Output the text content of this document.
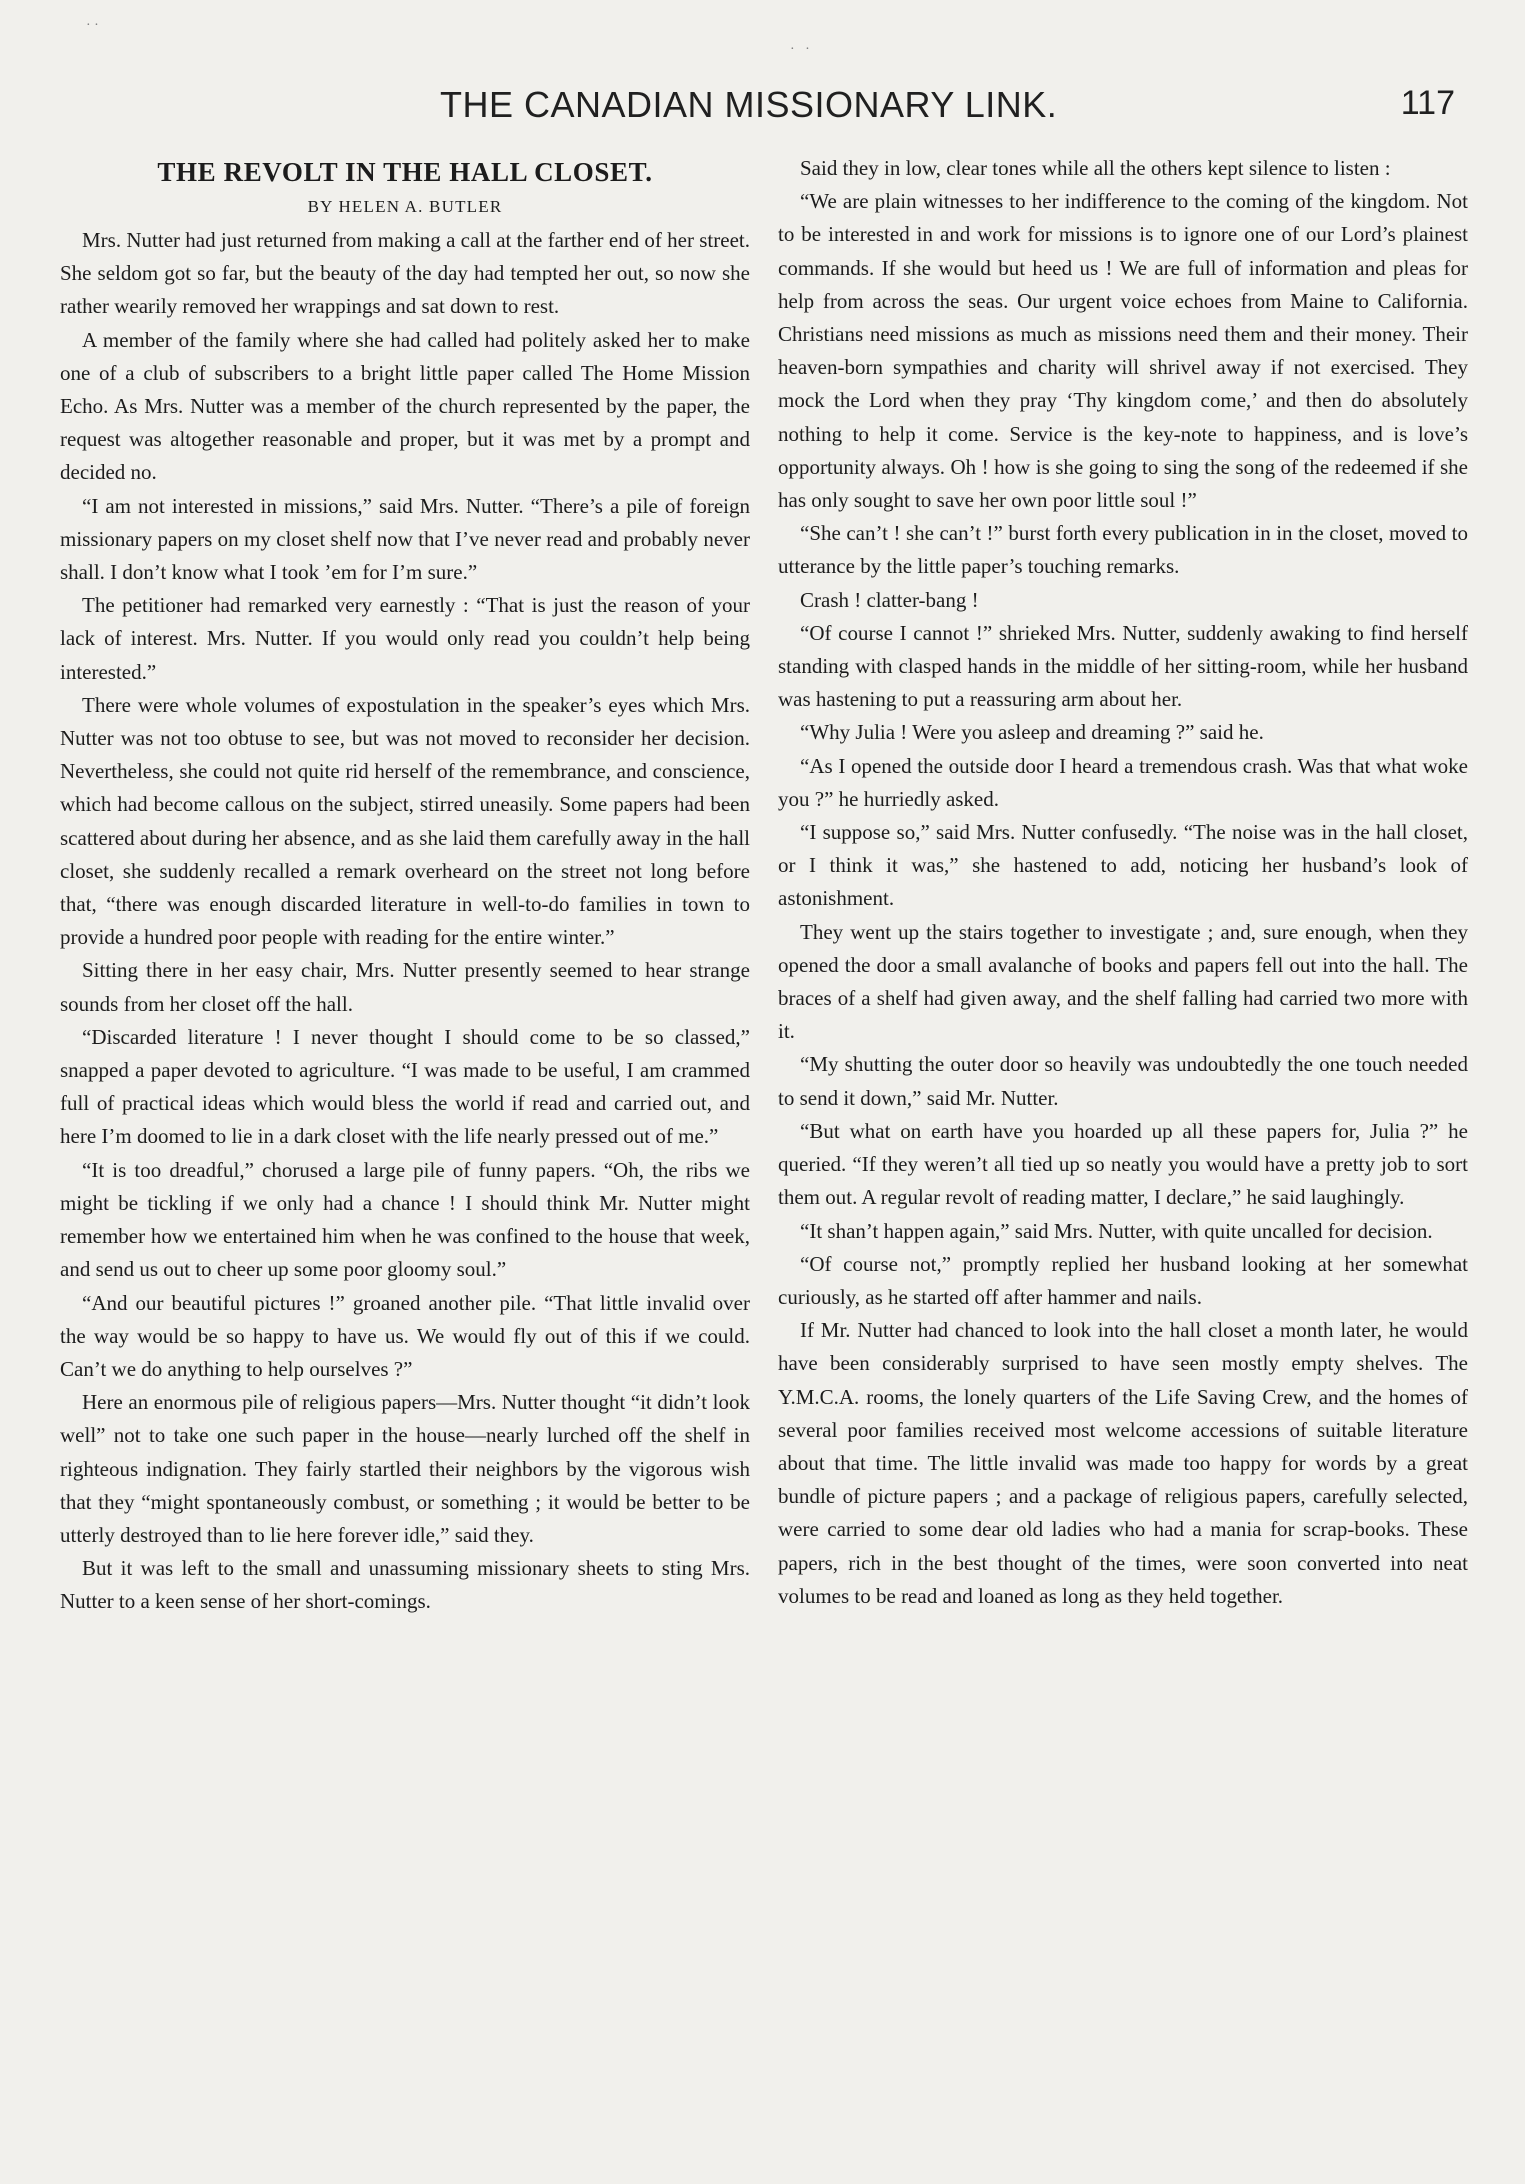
· ·
·   ·
THE CANADIAN MISSIONARY LINK.	117
THE REVOLT IN THE HALL CLOSET.
BY HELEN A. BUTLER

Mrs. Nutter had just returned from making a call at the farther end of her street. She seldom got so far, but the beauty of the day had tempted her out, so now she rather wearily removed her wrappings and sat down to rest.

A member of the family where she had called had politely asked her to make one of a club of subscribers to a bright little paper called The Home Mission Echo. As Mrs. Nutter was a member of the church represented by the paper, the request was altogether reasonable and proper, but it was met by a prompt and decided no.

“I am not interested in missions,” said Mrs. Nutter. “There’s a pile of foreign missionary papers on my closet shelf now that I’ve never read and probably never shall. I don’t know what I took ’em for I’m sure.”

The petitioner had remarked very earnestly : “That is just the reason of your lack of interest. Mrs. Nutter. If you would only read you couldn’t help being interested.”

There were whole volumes of expostulation in the speaker’s eyes which Mrs. Nutter was not too obtuse to see, but was not moved to reconsider her decision. Nevertheless, she could not quite rid herself of the remembrance, and conscience, which had become callous on the subject, stirred uneasily. Some papers had been scattered about during her absence, and as she laid them carefully away in the hall closet, she suddenly recalled a remark overheard on the street not long before that, “there was enough discarded literature in well-to-do families in town to provide a hundred poor people with reading for the entire winter.”

Sitting there in her easy chair, Mrs. Nutter presently seemed to hear strange sounds from her closet off the hall.

“Discarded literature ! I never thought I should come to be so classed,” snapped a paper devoted to agriculture. “I was made to be useful, I am crammed full of practical ideas which would bless the world if read and carried out, and here I’m doomed to lie in a dark closet with the life nearly pressed out of me.”

“It is too dreadful,” chorused a large pile of funny papers. “Oh, the ribs we might be tickling if we only had a chance ! I should think Mr. Nutter might remember how we entertained him when he was confined to the house that week, and send us out to cheer up some poor gloomy soul.”

“And our beautiful pictures !” groaned another pile. “That little invalid over the way would be so happy to have us. We would fly out of this if we could. Can’t we do anything to help ourselves ?”

Here an enormous pile of religious papers—Mrs. Nutter thought “it didn’t look well” not to take one such paper in the house—nearly lurched off the shelf in righteous indignation. They fairly startled their neighbors by the vigorous wish that they “might spontaneously combust, or something ; it would be better to be utterly destroyed than to lie here forever idle,” said they.

But it was left to the small and unassuming missionary sheets to sting Mrs. Nutter to a keen sense of her short-comings.

Said they in low, clear tones while all the others kept silence to listen :

“We are plain witnesses to her indifference to the coming of the kingdom. Not to be interested in and work for missions is to ignore one of our Lord’s plainest commands. If she would but heed us ! We are full of information and pleas for help from across the seas. Our urgent voice echoes from Maine to California. Christians need missions as much as missions need them and their money. Their heaven-born sympathies and charity will shrivel away if not exercised. They mock the Lord when they pray ‘Thy kingdom come,’ and then do absolutely nothing to help it come. Service is the key-note to happiness, and is love’s opportunity always. Oh ! how is she going to sing the song of the redeemed if she has only sought to save her own poor little soul !”

“She can’t ! she can’t !” burst forth every publication in in the closet, moved to utterance by the little paper’s touching remarks.

Crash ! clatter-bang !

“Of course I cannot !” shrieked Mrs. Nutter, suddenly awaking to find herself standing with clasped hands in the middle of her sitting-room, while her husband was hastening to put a reassuring arm about her.

“Why Julia ! Were you asleep and dreaming ?” said he.

“As I opened the outside door I heard a tremendous crash. Was that what woke you ?” he hurriedly asked.

“I suppose so,” said Mrs. Nutter confusedly. “The noise was in the hall closet, or I think it was,” she hastened to add, noticing her husband’s look of astonishment.

They went up the stairs together to investigate ; and, sure enough, when they opened the door a small avalanche of books and papers fell out into the hall. The braces of a shelf had given away, and the shelf falling had carried two more with it.

“My shutting the outer door so heavily was undoubtedly the one touch needed to send it down,” said Mr. Nutter.

“But what on earth have you hoarded up all these papers for, Julia ?” he queried. “If they weren’t all tied up so neatly you would have a pretty job to sort them out. A regular revolt of reading matter, I declare,” he said laughingly.

“It shan’t happen again,” said Mrs. Nutter, with quite uncalled for decision.

“Of course not,” promptly replied her husband looking at her somewhat curiously, as he started off after hammer and nails.

If Mr. Nutter had chanced to look into the hall closet a month later, he would have been considerably surprised to have seen mostly empty shelves. The Y.M.C.A. rooms, the lonely quarters of the Life Saving Crew, and the homes of several poor families received most welcome accessions of suitable literature about that time. The little invalid was made too happy for words by a great bundle of picture papers ; and a package of religious papers, carefully selected, were carried to some dear old ladies who had a mania for scrap-books. These papers, rich in the best thought of the times, were soon converted into neat volumes to be read and loaned as long as they held together.
